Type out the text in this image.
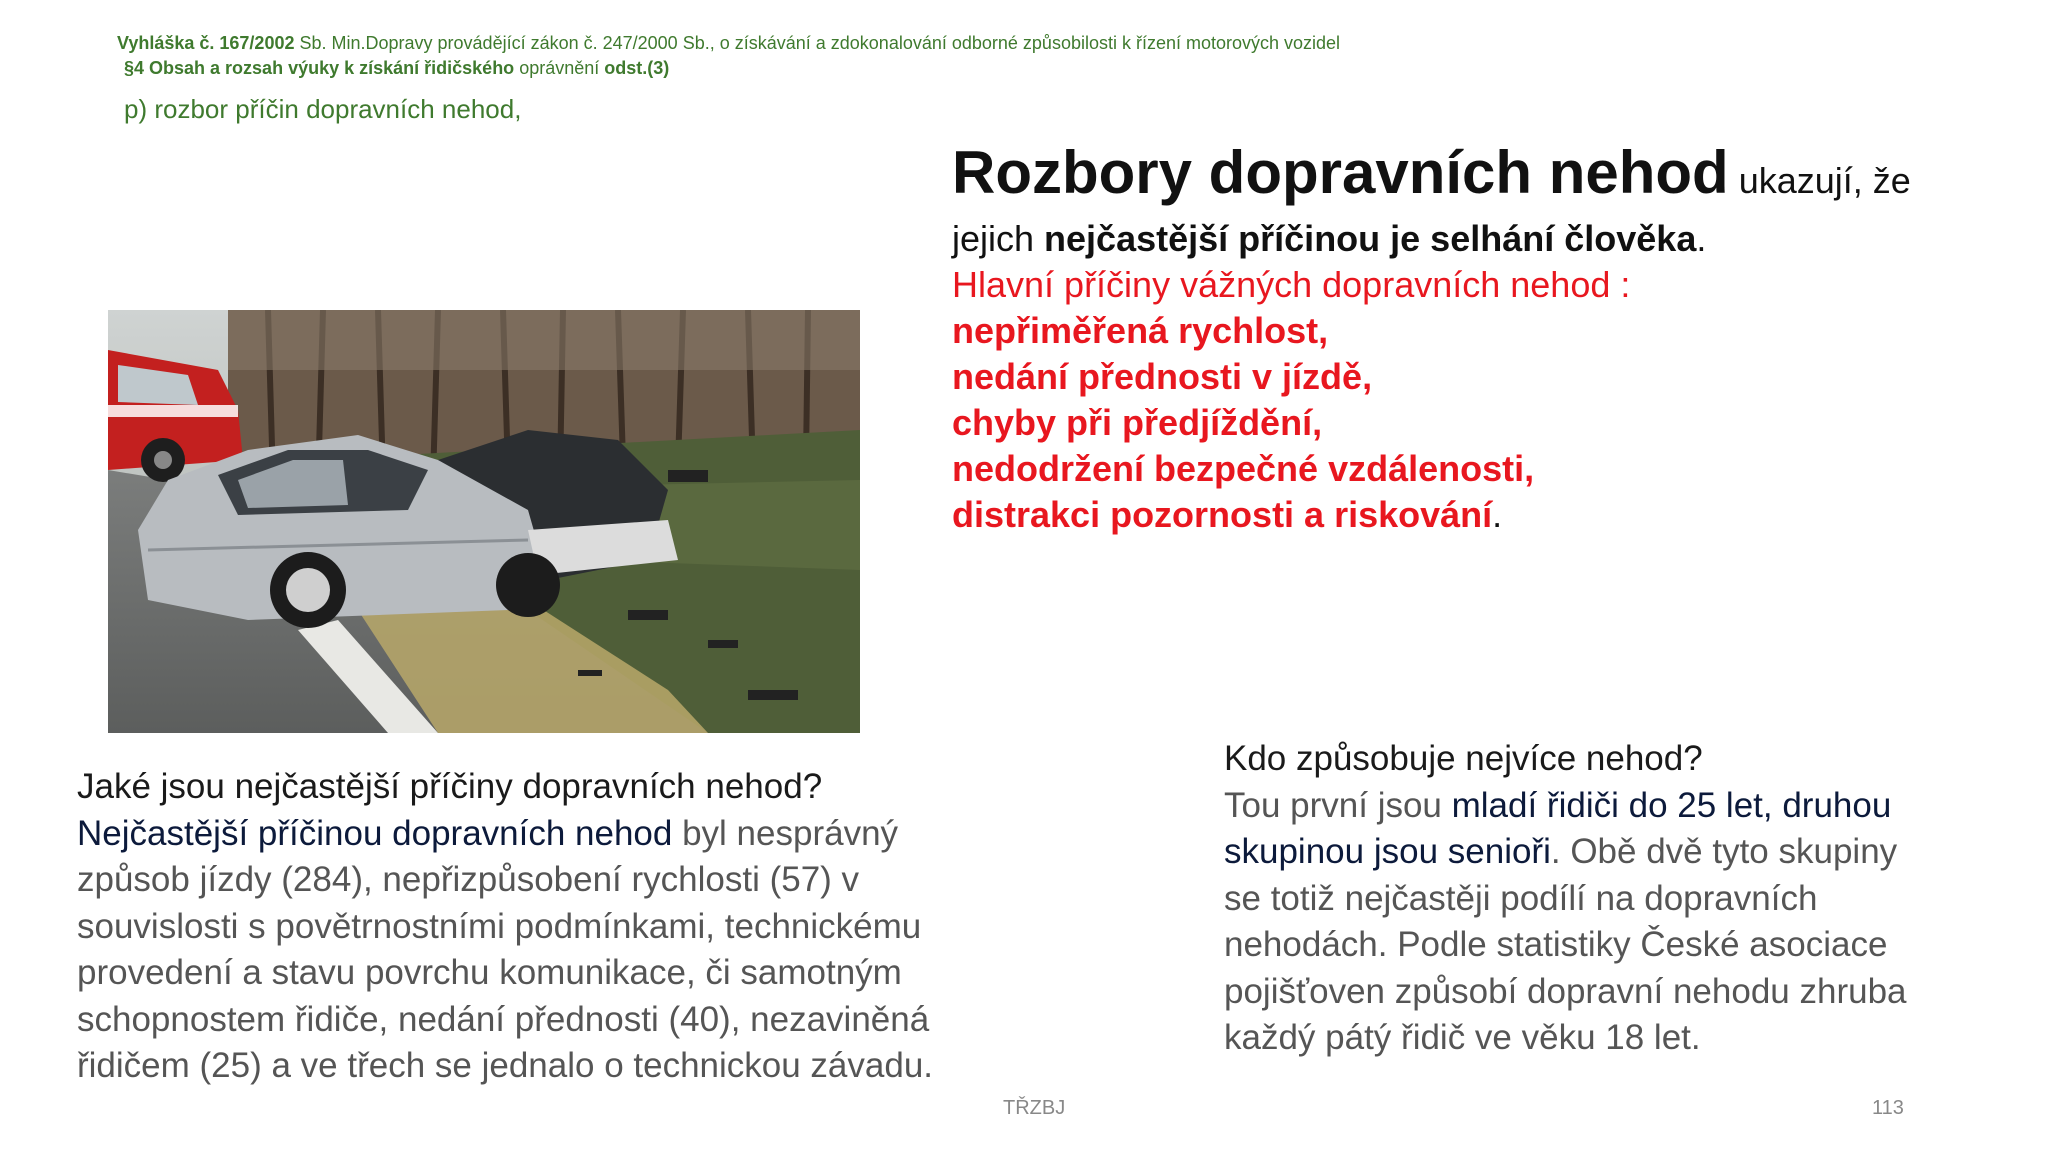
Vyhláška č. 167/2002 Sb. Min.Dopravy provádějící zákon č. 247/2000 Sb., o získávání a zdokonalování odborné způsobilosti k řízení motorových vozidel
§4 Obsah a rozsah výuky k získání řidičského oprávnění odst.(3)
p) rozbor příčin dopravních nehod,
Rozbory dopravních nehod ukazují, že
jejich nejčastější příčinou je selhání člověka.
Hlavní příčiny vážných dopravních nehod :
nepřiměřená rychlost,
nedání přednosti v jízdě,
chyby při předjíždění,
nedodržení bezpečné vzdálenosti,
distrakci pozornosti a riskování.
Jaké jsou nejčastější příčiny dopravních nehod?
Nejčastější příčinou dopravních nehod byl nesprávný
způsob jízdy (284), nepřizpůsobení rychlosti (57) v
souvislosti s povětrnostními podmínkami, technickému
provedení a stavu povrchu komunikace, či samotným
schopnostem řidiče, nedání přednosti (40), nezaviněná
řidičem (25) a ve třech se jednalo o technickou závadu.
Kdo způsobuje nejvíce nehod?
Tou první jsou mladí řidiči do 25 let, druhou
skupinou jsou senioři. Obě dvě tyto skupiny
se totiž nejčastěji podílí na dopravních
nehodách. Podle statistiky České asociace
pojišťoven způsobí dopravní nehodu zhruba
každý pátý řidič ve věku 18 let.
TŘZBJ	113
